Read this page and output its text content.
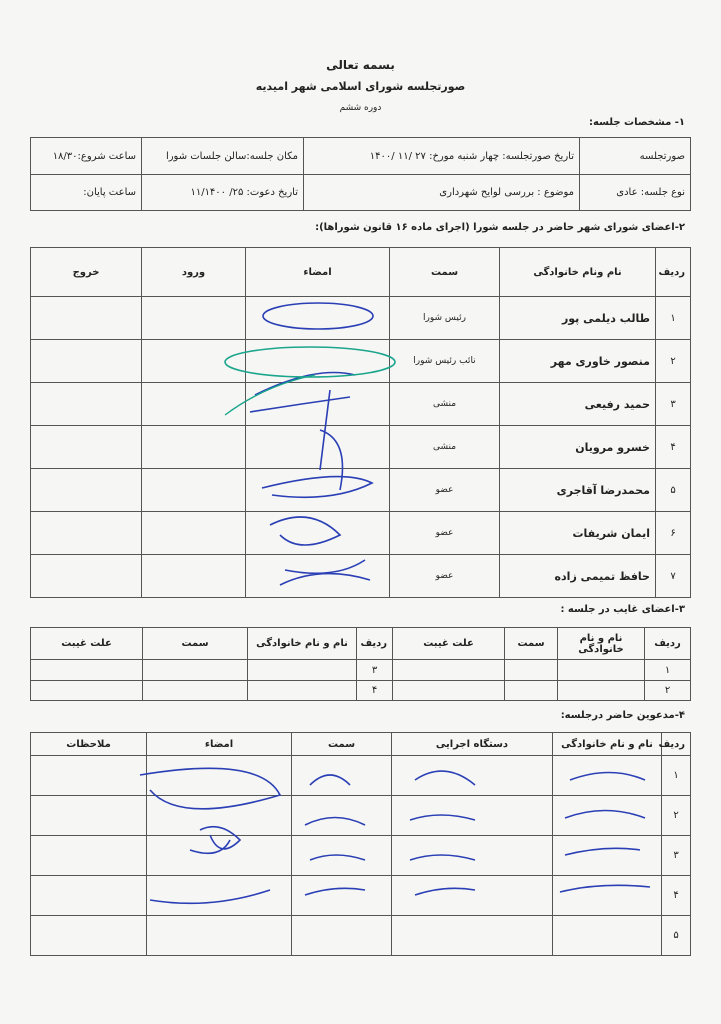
بسمه تعالی
صورتجلسه شورای اسلامی شهر امیدیه
دوره ششم
۱- مشخصات جلسه:
صورتجلسه	تاریخ صورتجلسه: چهار شنبه مورخ: ۲۷ /۱۱ /۱۴۰۰	مکان جلسه:سالن جلسات شورا	ساعت شروع:۱۸/۳۰
نوع جلسه: عادی	موضوع : بررسی لوایح شهرداری	تاریخ دعوت: ۲۵/ ۱۱/۱۴۰۰	ساعت پایان:
۲-اعضای شورای شهر حاضر در جلسه شورا (اجرای ماده ۱۶ قانون شوراها):
ردیف	نام ونام خانوادگی	سمت	امضاء	ورود	خروج
۱	طالب دیلمی پور	رئیس شورا			
۲	منصور خاوری مهر	نائب رئیس شورا			
۳	حمید رفیعی	منشی			
۴	خسرو مرویان	منشی			
۵	محمدرضا آقاجری	عضو			
۶	ایمان شریفات	عضو			
۷	حافظ تمیمی زاده	عضو			
۳-اعضای غایب در جلسه :
ردیف	نام و نام خانوادگی	سمت	علت غیبت	ردیف	نام و نام خانوادگی	سمت	علت غیبت
۱				۳			
۲				۴			
۴-مدعوین حاضر درجلسه:
ردیف	نام و نام خانوادگی	دستگاه اجرایی	سمت	امضاء	ملاحظات
۱					
۲					
۳					
۴					
۵					
